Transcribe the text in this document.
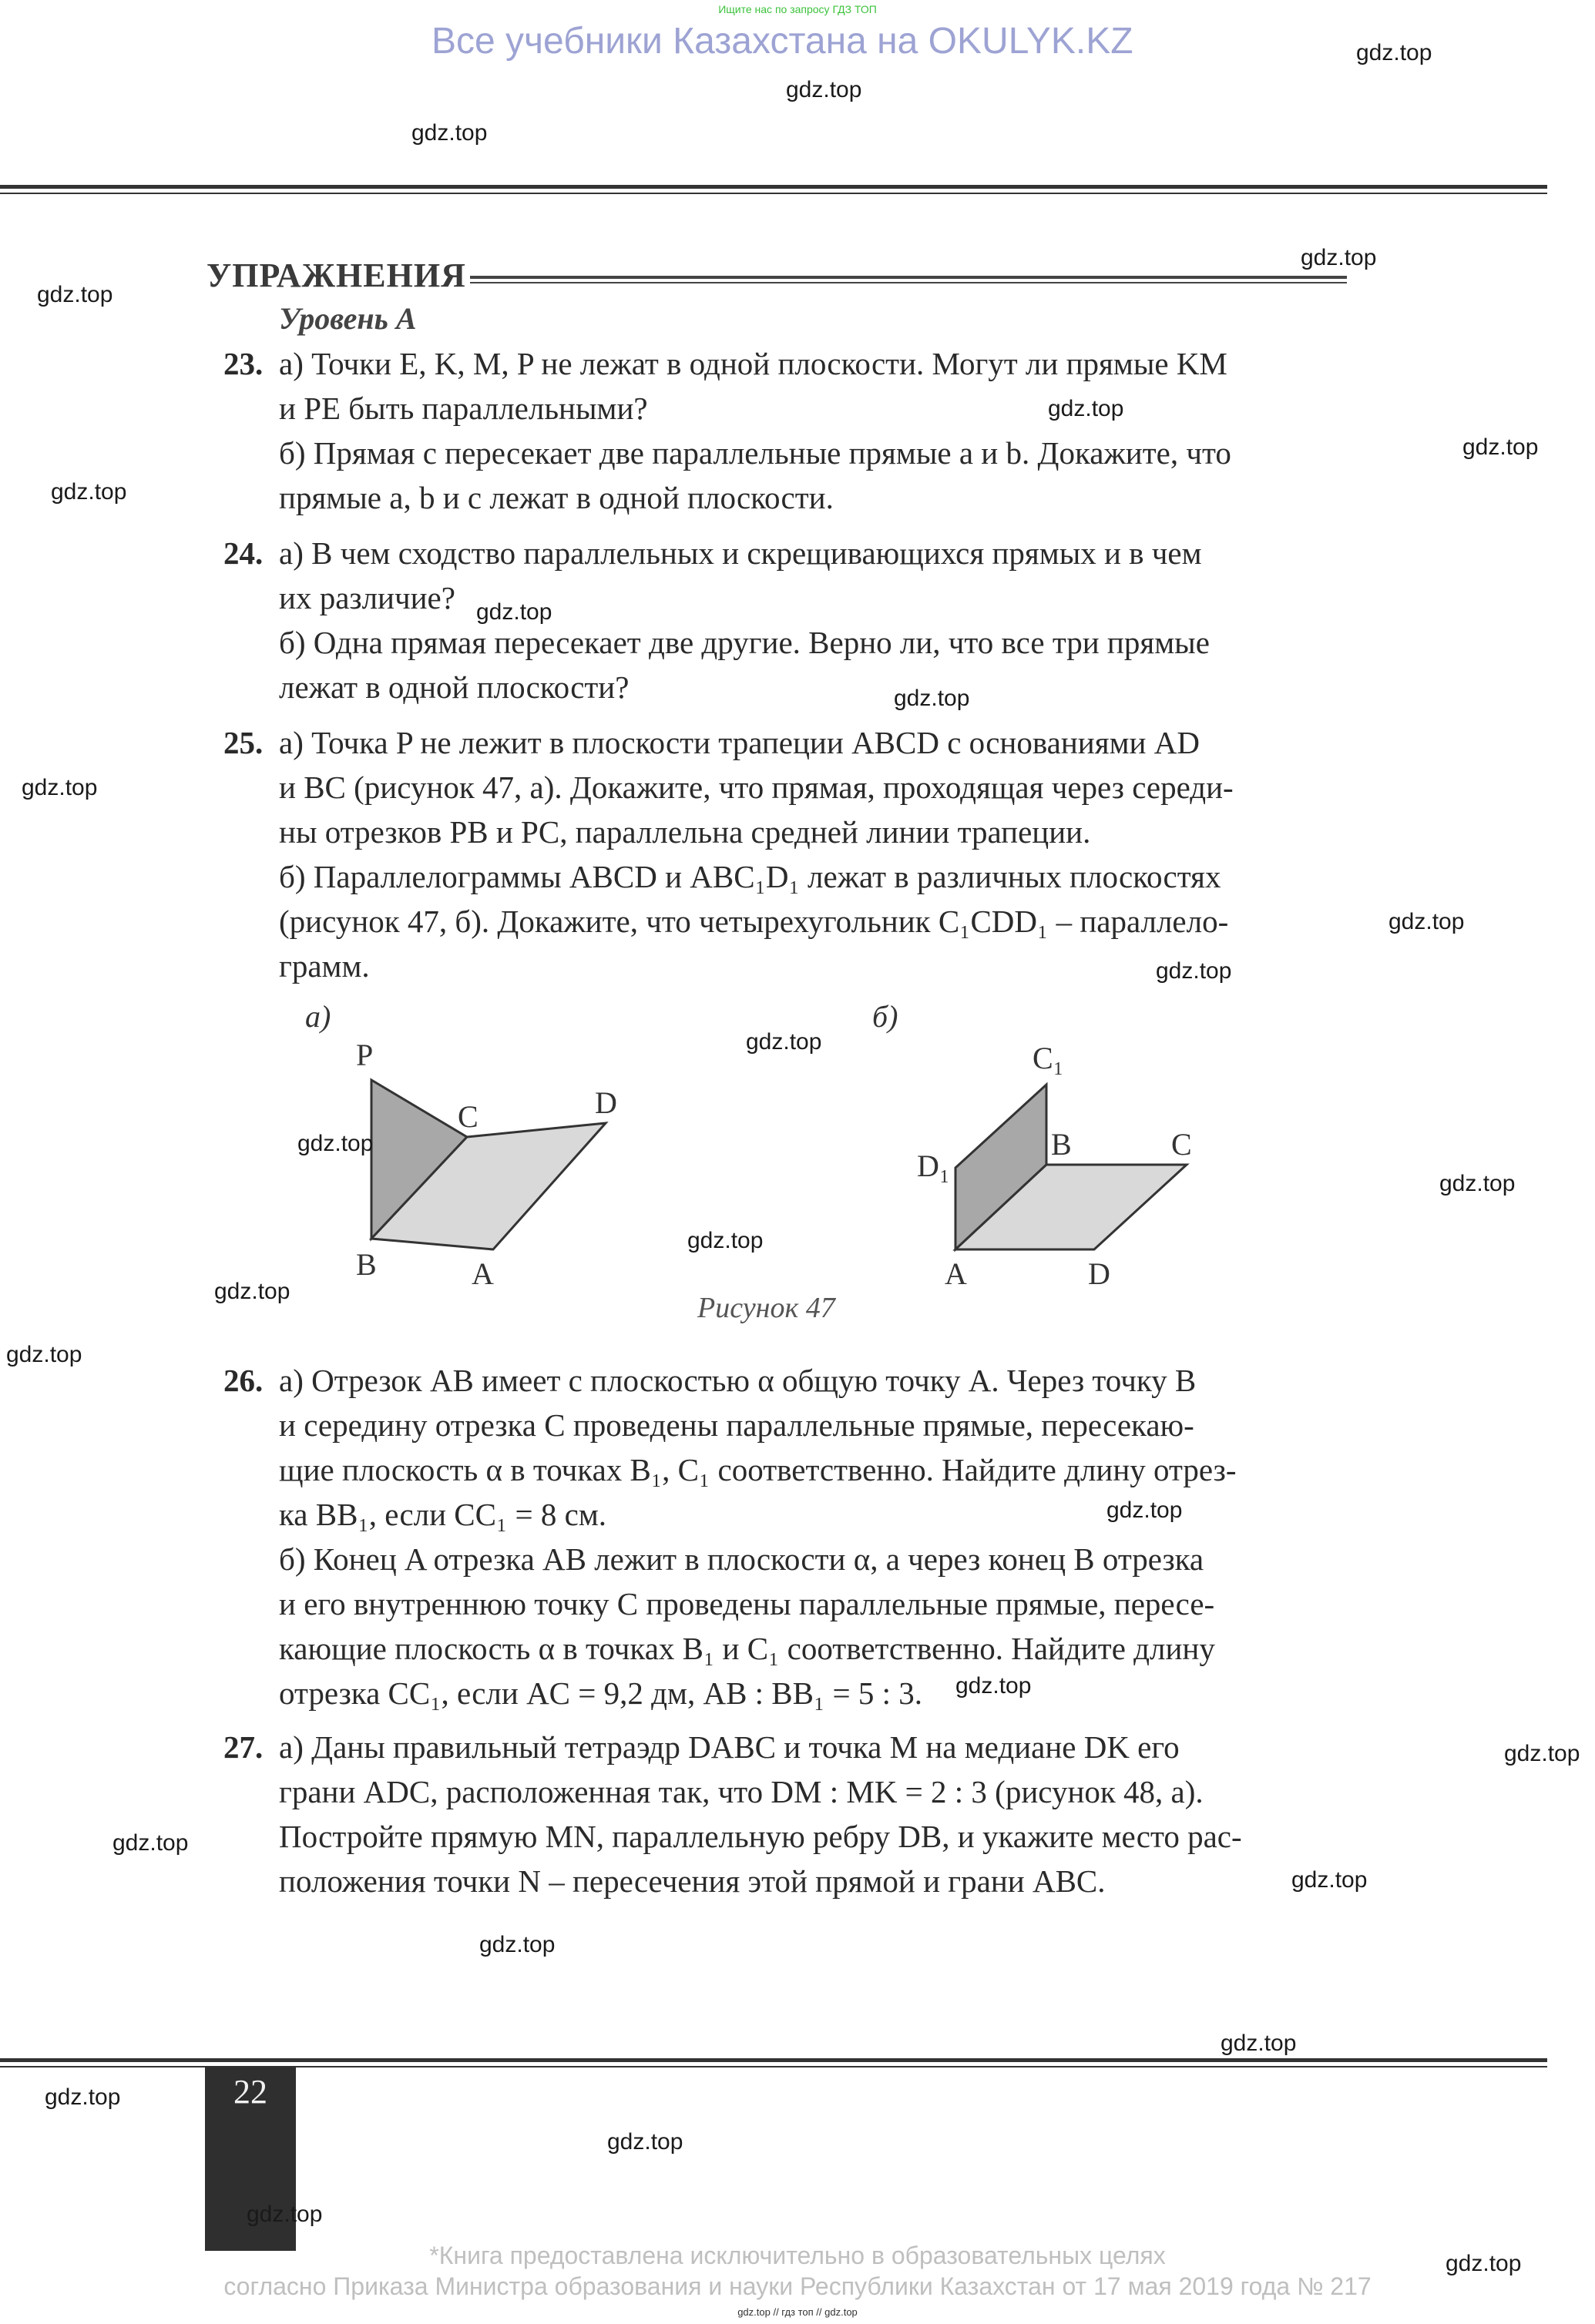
Ищите нас по запросу ГДЗ ТОП
Все учебники Казахстана на OKULYK.KZ
УПРАЖНЕНИЯ
Уровень A
23. а) Точки E, K, M, P не лежат в одной плоскости. Могут ли прямые KM
и PE быть параллельными?
б) Прямая c пересекает две параллельные прямые a и b. Докажите, что
прямые a, b и c лежат в одной плоскости.
24. а) В чем сходство параллельных и скрещивающихся прямых и в чем
их различие?
б) Одна прямая пересекает две другие. Верно ли, что все три прямые
лежат в одной плоскости?
25. а) Точка P не лежит в плоскости трапеции ABCD с основаниями AD
и BC (рисунок 47, а). Докажите, что прямая, проходящая через середи-
ны отрезков PB и PC, параллельна средней линии трапеции.
б) Параллелограммы ABCD и ABC₁D₁ лежат в различных плоскостях
(рисунок 47, б). Докажите, что четырехугольник C₁CDD₁ – параллело-
грамм.
а)	б)
P
C	D
B	A
C₁
D₁
B	C
A	D
Рисунок 47
26. а) Отрезок AB имеет с плоскостью α общую точку A. Через точку B
и середину отрезка C проведены параллельные прямые, пересекаю-
щие плоскость α в точках B₁, C₁ соответственно. Найдите длину отрез-
ка BB₁, если CC₁ = 8 см.
б) Конец A отрезка AB лежит в плоскости α, а через конец B отрезка
и его внутреннюю точку C проведены параллельные прямые, пересе-
кающие плоскость α в точках B₁ и C₁ соответственно. Найдите длину
отрезка CC₁, если AC = 9,2 дм, AB : BB₁ = 5 : 3.
27. а) Даны правильный тетраэдр DABC и точка M на медиане DK его
грани ADC, расположенная так, что DM : MK = 2 : 3 (рисунок 48, а).
Постройте прямую MN, параллельную ребру DB, и укажите место рас-
положения точки N – пересечения этой прямой и грани ABC.
22
*Книга предоставлена исключительно в образовательных целях
согласно Приказа Министра образования и науки Республики Казахстан от 17 мая 2019 года № 217
gdz.top // гдз топ // gdz.top
gdz.top
gdz.top
gdz.top
gdz.top
gdz.top
gdz.top
gdz.top
gdz.top
gdz.top
gdz.top
gdz.top
gdz.top
gdz.top
gdz.top
gdz.top
gdz.top
gdz.top
gdz.top
gdz.top
gdz.top
gdz.top
gdz.top
gdz.top
gdz.top
gdz.top
gdz.top
gdz.top
gdz.top
gdz.top
gdz.top
